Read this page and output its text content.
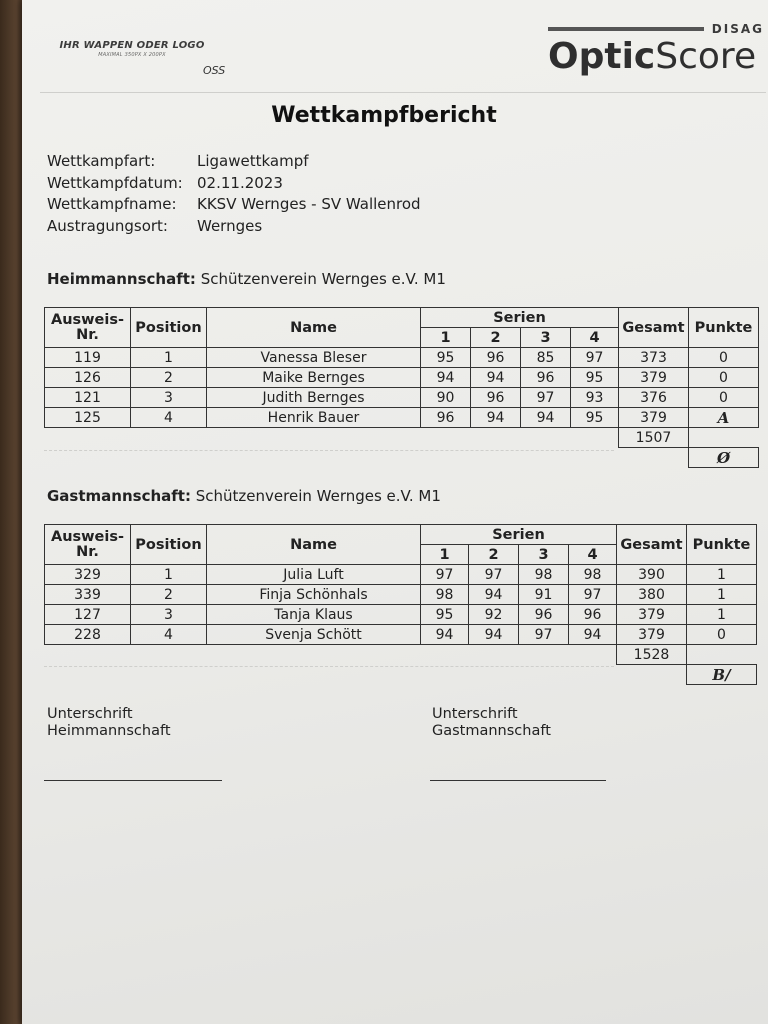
IHR WAPPEN ODER LOGO
MAXIMAL 350PX X 200PX
OSS
DISAG
OpticScore
Wettkampfbericht
Wettkampfart:	Ligawettkampf
Wettkampfdatum: 02.11.2023
Wettkampfname:	KKSV Wernges - SV Wallenrod
Austragungsort:	Wernges
Heimmannschaft: Schützenverein Wernges e.V. M1
Ausweis-
Nr.	Position	Name	Serien				Gesamt	Punkte
			1	2	3	4		
119	1	Vanessa Bleser	95	96	85	97	373	0
126	2	Maike Bernges	94	94	96	95	379	0
121	3	Judith Bernges	90	96	97	93	376	0
125	4	Henrik Bauer	96	94	94	95	379	A
							1507	
								Ø
Gastmannschaft: Schützenverein Wernges e.V. M1
Ausweis-
Nr.	Position	Name	Serien				Gesamt	Punkte
			1	2	3	4		
329	1	Julia Luft	97	97	98	98	390	1
339	2	Finja Schönhals	98	94	91	97	380	1
127	3	Tanja Klaus	95	92	96	96	379	1
228	4	Svenja Schött	94	94	97	94	379	0
							1528	
								B/
Unterschrift
Heimmannschaft
Unterschrift
Gastmannschaft
